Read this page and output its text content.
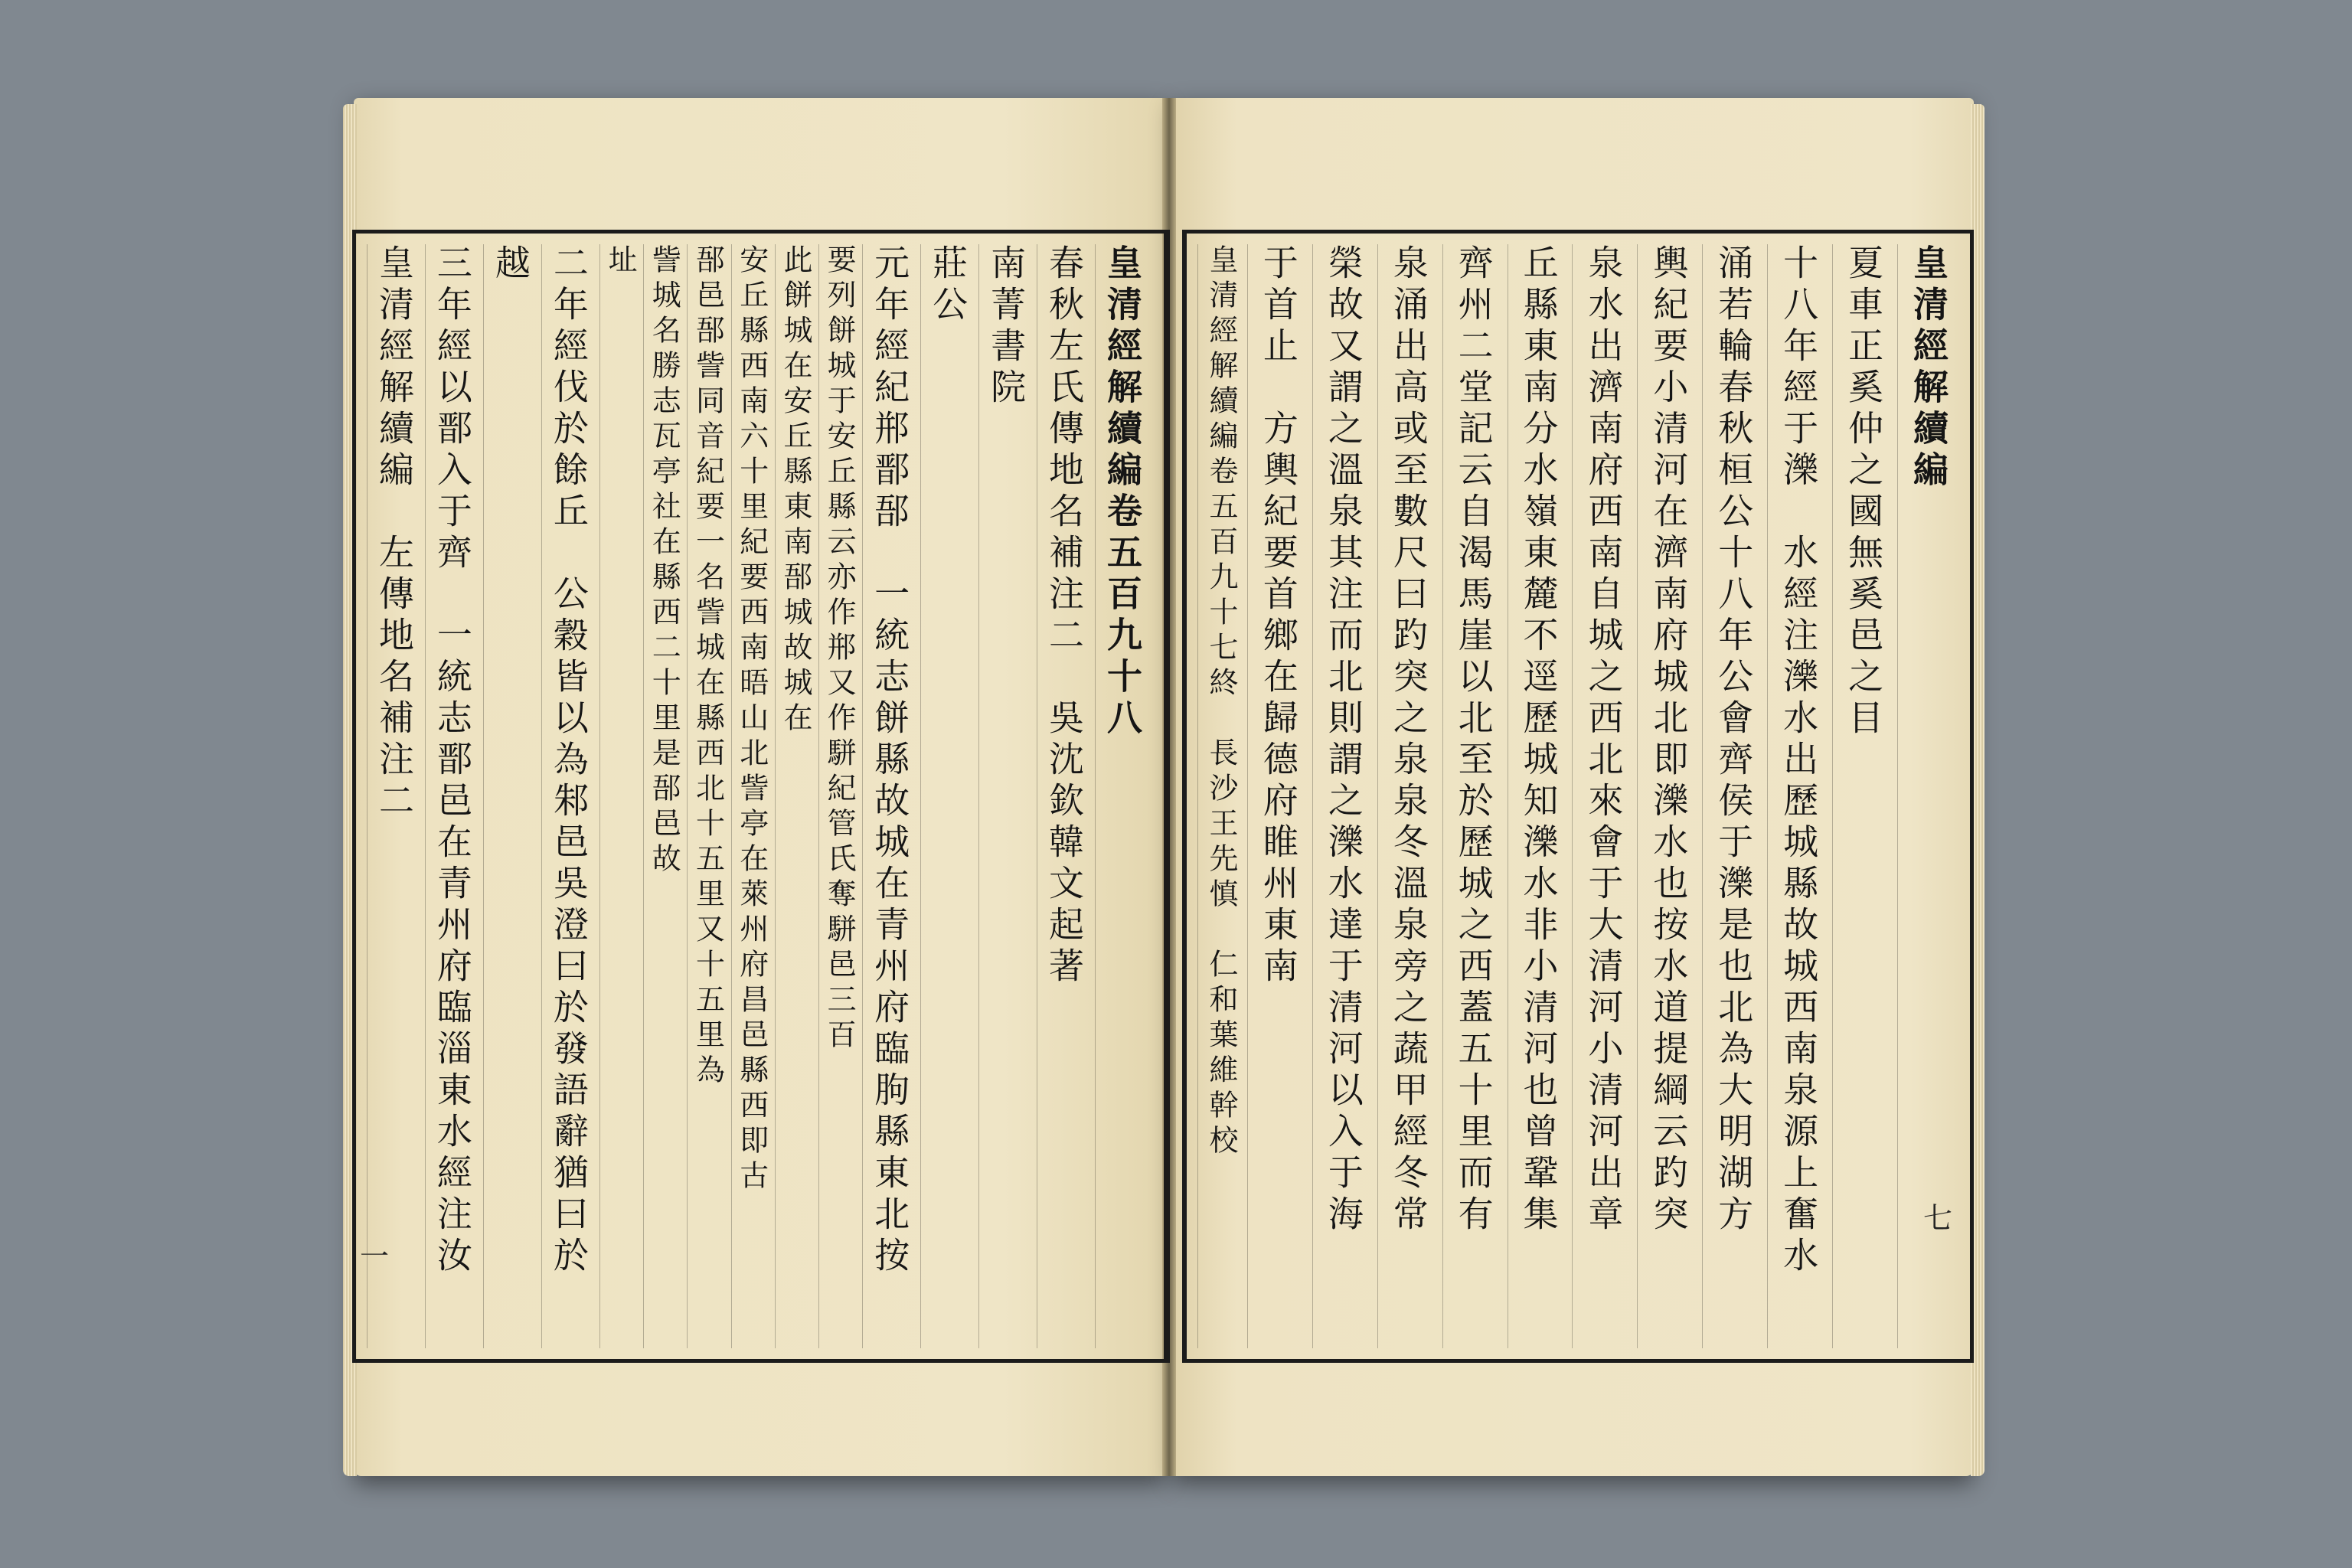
皇清經解續編卷五百九十八
春秋左氏傳地名補注二　吳沈欽韓文起著
南菁書院
莊公
元年經紀郱鄑郚　一統志餅縣故城在青州府臨朐縣東北按
要列餅城于安丘縣云亦作郱又作駢紀管氏奪駢邑三百
此餅城在安丘縣東南郚城故城在
安丘縣西南六十里紀要西南晤山北訾亭在萊州府昌邑縣西即古
郚邑郚訾同音紀要一名訾城在縣西北十五里又十五里為
訾城名勝志瓦亭社在縣西二十里是郚邑故
址
二年經伐於餘丘　公穀皆以為邾邑吳澄曰於發語辭猶曰於
越
三年經以鄑入于齊　一統志鄑邑在青州府臨淄東水經注汝
皇清經解續編　左傳地名補注二
一
皇清經解續編
夏車正奚仲之國無奚邑之目
十八年經于濼　水經注濼水出歷城縣故城西南泉源上奮水
涌若輪春秋桓公十八年公會齊侯于濼是也北為大明湖方
輿紀要小清河在濟南府城北即濼水也按水道提綱云趵突
泉水出濟南府西南自城之西北來會于大清河小清河出章
丘縣東南分水嶺東麓不逕歷城知濼水非小清河也曾鞏集
齊州二堂記云自渴馬崖以北至於歷城之西蓋五十里而有
泉涌出高或至數尺曰趵突之泉泉冬溫泉旁之蔬甲經冬常
榮故又謂之溫泉其注而北則謂之濼水達于清河以入于海
于首止　方輿紀要首鄉在歸德府睢州東南
皇清經解續編卷五百九十七終　長沙王先慎　仁和葉維幹校
七
